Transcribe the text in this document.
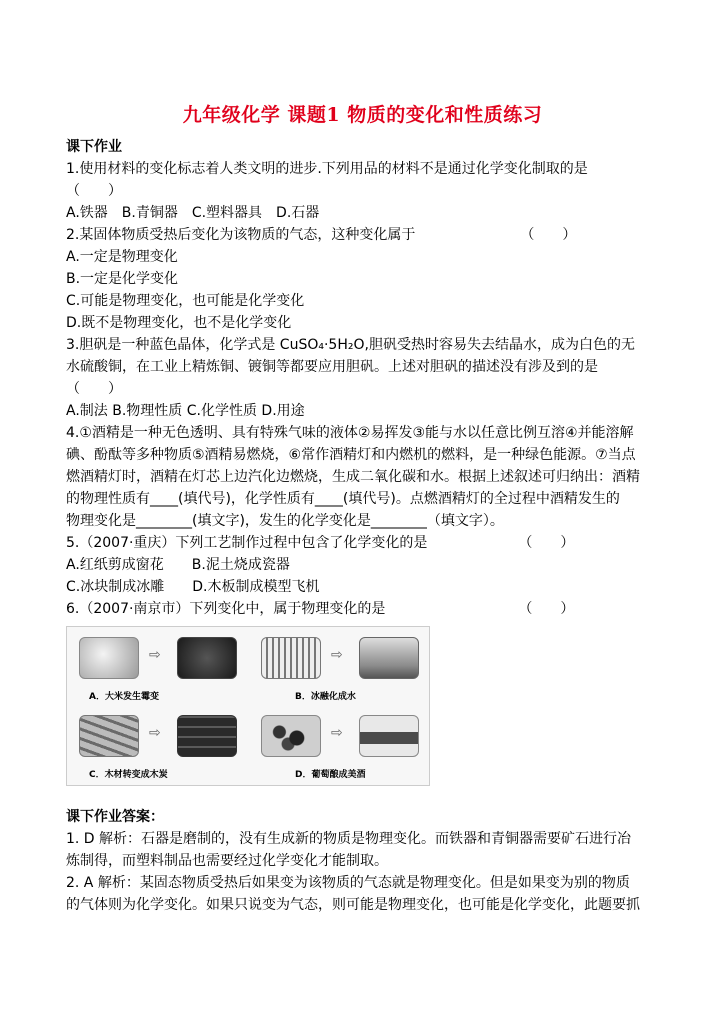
九年级化学 课题1 物质的变化和性质练习
课下作业
1.使用材料的变化标志着人类文明的进步.下列用品的材料不是通过化学变化制取的是
（　　）
A.铁器　B.青铜器　C.塑料器具　D.石器
2.某固体物质受热后变化为该物质的气态，这种变化属于　　　　　　　　（　　）
A.一定是物理变化
B.一定是化学变化
C.可能是物理变化，也可能是化学变化
D.既不是物理变化，也不是化学变化
3.胆矾是一种蓝色晶体，化学式是 CuSO₄·5H₂O,胆矾受热时容易失去结晶水，成为白色的无
水硫酸铜，在工业上精炼铜、镀铜等都要应用胆矾。上述对胆矾的描述没有涉及到的是
（　　）
A.制法 B.物理性质 C.化学性质 D.用途
4.①酒精是一种无色透明、具有特殊气味的液体②易挥发③能与水以任意比例互溶④并能溶解
碘、酚酞等多种物质⑤酒精易燃烧，⑥常作酒精灯和内燃机的燃料，是一种绿色能源。⑦当点
燃酒精灯时，酒精在灯芯上边汽化边燃烧，生成二氧化碳和水。根据上述叙述可归纳出：酒精
的物理性质有____(填代号)，化学性质有____(填代号)。点燃酒精灯的全过程中酒精发生的
物理变化是________(填文字)，发生的化学变化是________（填文字）。
5.（2007·重庆）下列工艺制作过程中包含了化学变化的是　　　　　　　（　　）
A.红纸剪成窗花　　B.泥土烧成瓷器
C.冰块制成冰雕　　D.木板制成模型飞机
6.（2007·南京市）下列变化中，属于物理变化的是　　　　　　　　　　（　　）
⇨
A．大米发生霉变
⇨
B．冰融化成水
⇨
C．木材转变成木炭
⇨
D．葡萄酿成美酒
课下作业答案：
1. D 解析：石器是磨制的，没有生成新的物质是物理变化。而铁器和青铜器需要矿石进行冶
炼制得，而塑料制品也需要经过化学变化才能制取。
2. A 解析：某固态物质受热后如果变为该物质的气态就是物理变化。但是如果变为别的物质
的气体则为化学变化。如果只说变为气态，则可能是物理变化，也可能是化学变化，此题要抓
